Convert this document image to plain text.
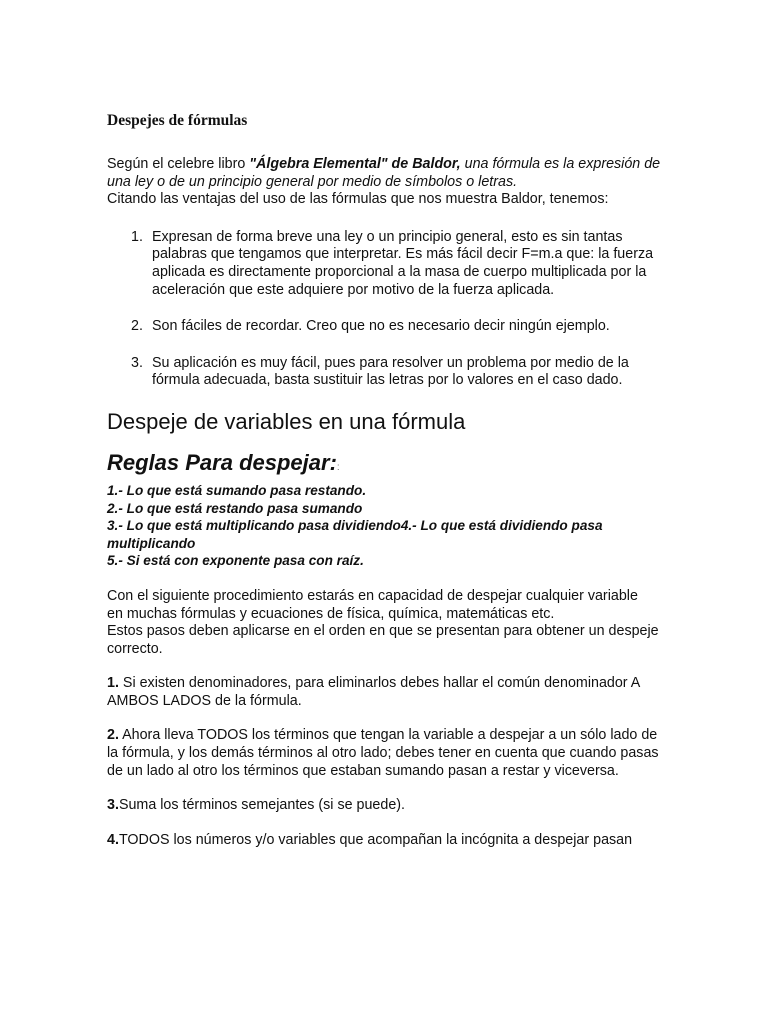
Despejes de fórmulas

Según el celebre libro "Álgebra Elemental" de Baldor, una fórmula es la expresión de una ley o de un principio general por medio de símbolos o letras.
Citando las ventajas del uso de las fórmulas que nos muestra Baldor, tenemos:

1. Expresan de forma breve una ley o un principio general, esto es sin tantas palabras que tengamos que interpretar. Es más fácil decir F=m.a que: la fuerza aplicada es directamente proporcional a la masa de cuerpo multiplicada por la aceleración que este adquiere por motivo de la fuerza aplicada.
2. Son fáciles de recordar. Creo que no es necesario decir ningún ejemplo.
3. Su aplicación es muy fácil, pues para resolver un problema por medio de la fórmula adecuada, basta sustituir las letras por lo valores en el caso dado.
Despeje de variables en una fórmula
Reglas Para despejar::
1.- Lo que está sumando pasa restando.
2.- Lo que está restando pasa sumando
3.- Lo que está multiplicando pasa dividiendo4.- Lo que está dividiendo pasa multiplicando
5.- Si está con exponente pasa con raíz.

Con el siguiente procedimiento estarás en capacidad de despejar cualquier variable
en muchas fórmulas y ecuaciones de física, química, matemáticas etc.
Estos pasos deben aplicarse en el orden en que se presentan para obtener un despeje correcto.

1. Si existen denominadores, para eliminarlos debes hallar el común denominador A AMBOS LADOS de la fórmula.

2. Ahora lleva TODOS los términos que tengan la variable a despejar a un sólo lado de la fórmula, y los demás términos al otro lado; debes tener en cuenta que cuando pasas de un lado al otro los términos que estaban sumando pasan a restar y viceversa.

3.Suma los términos semejantes (si se puede).

4.TODOS los números y/o variables que acompañan la incógnita a despejar pasan
